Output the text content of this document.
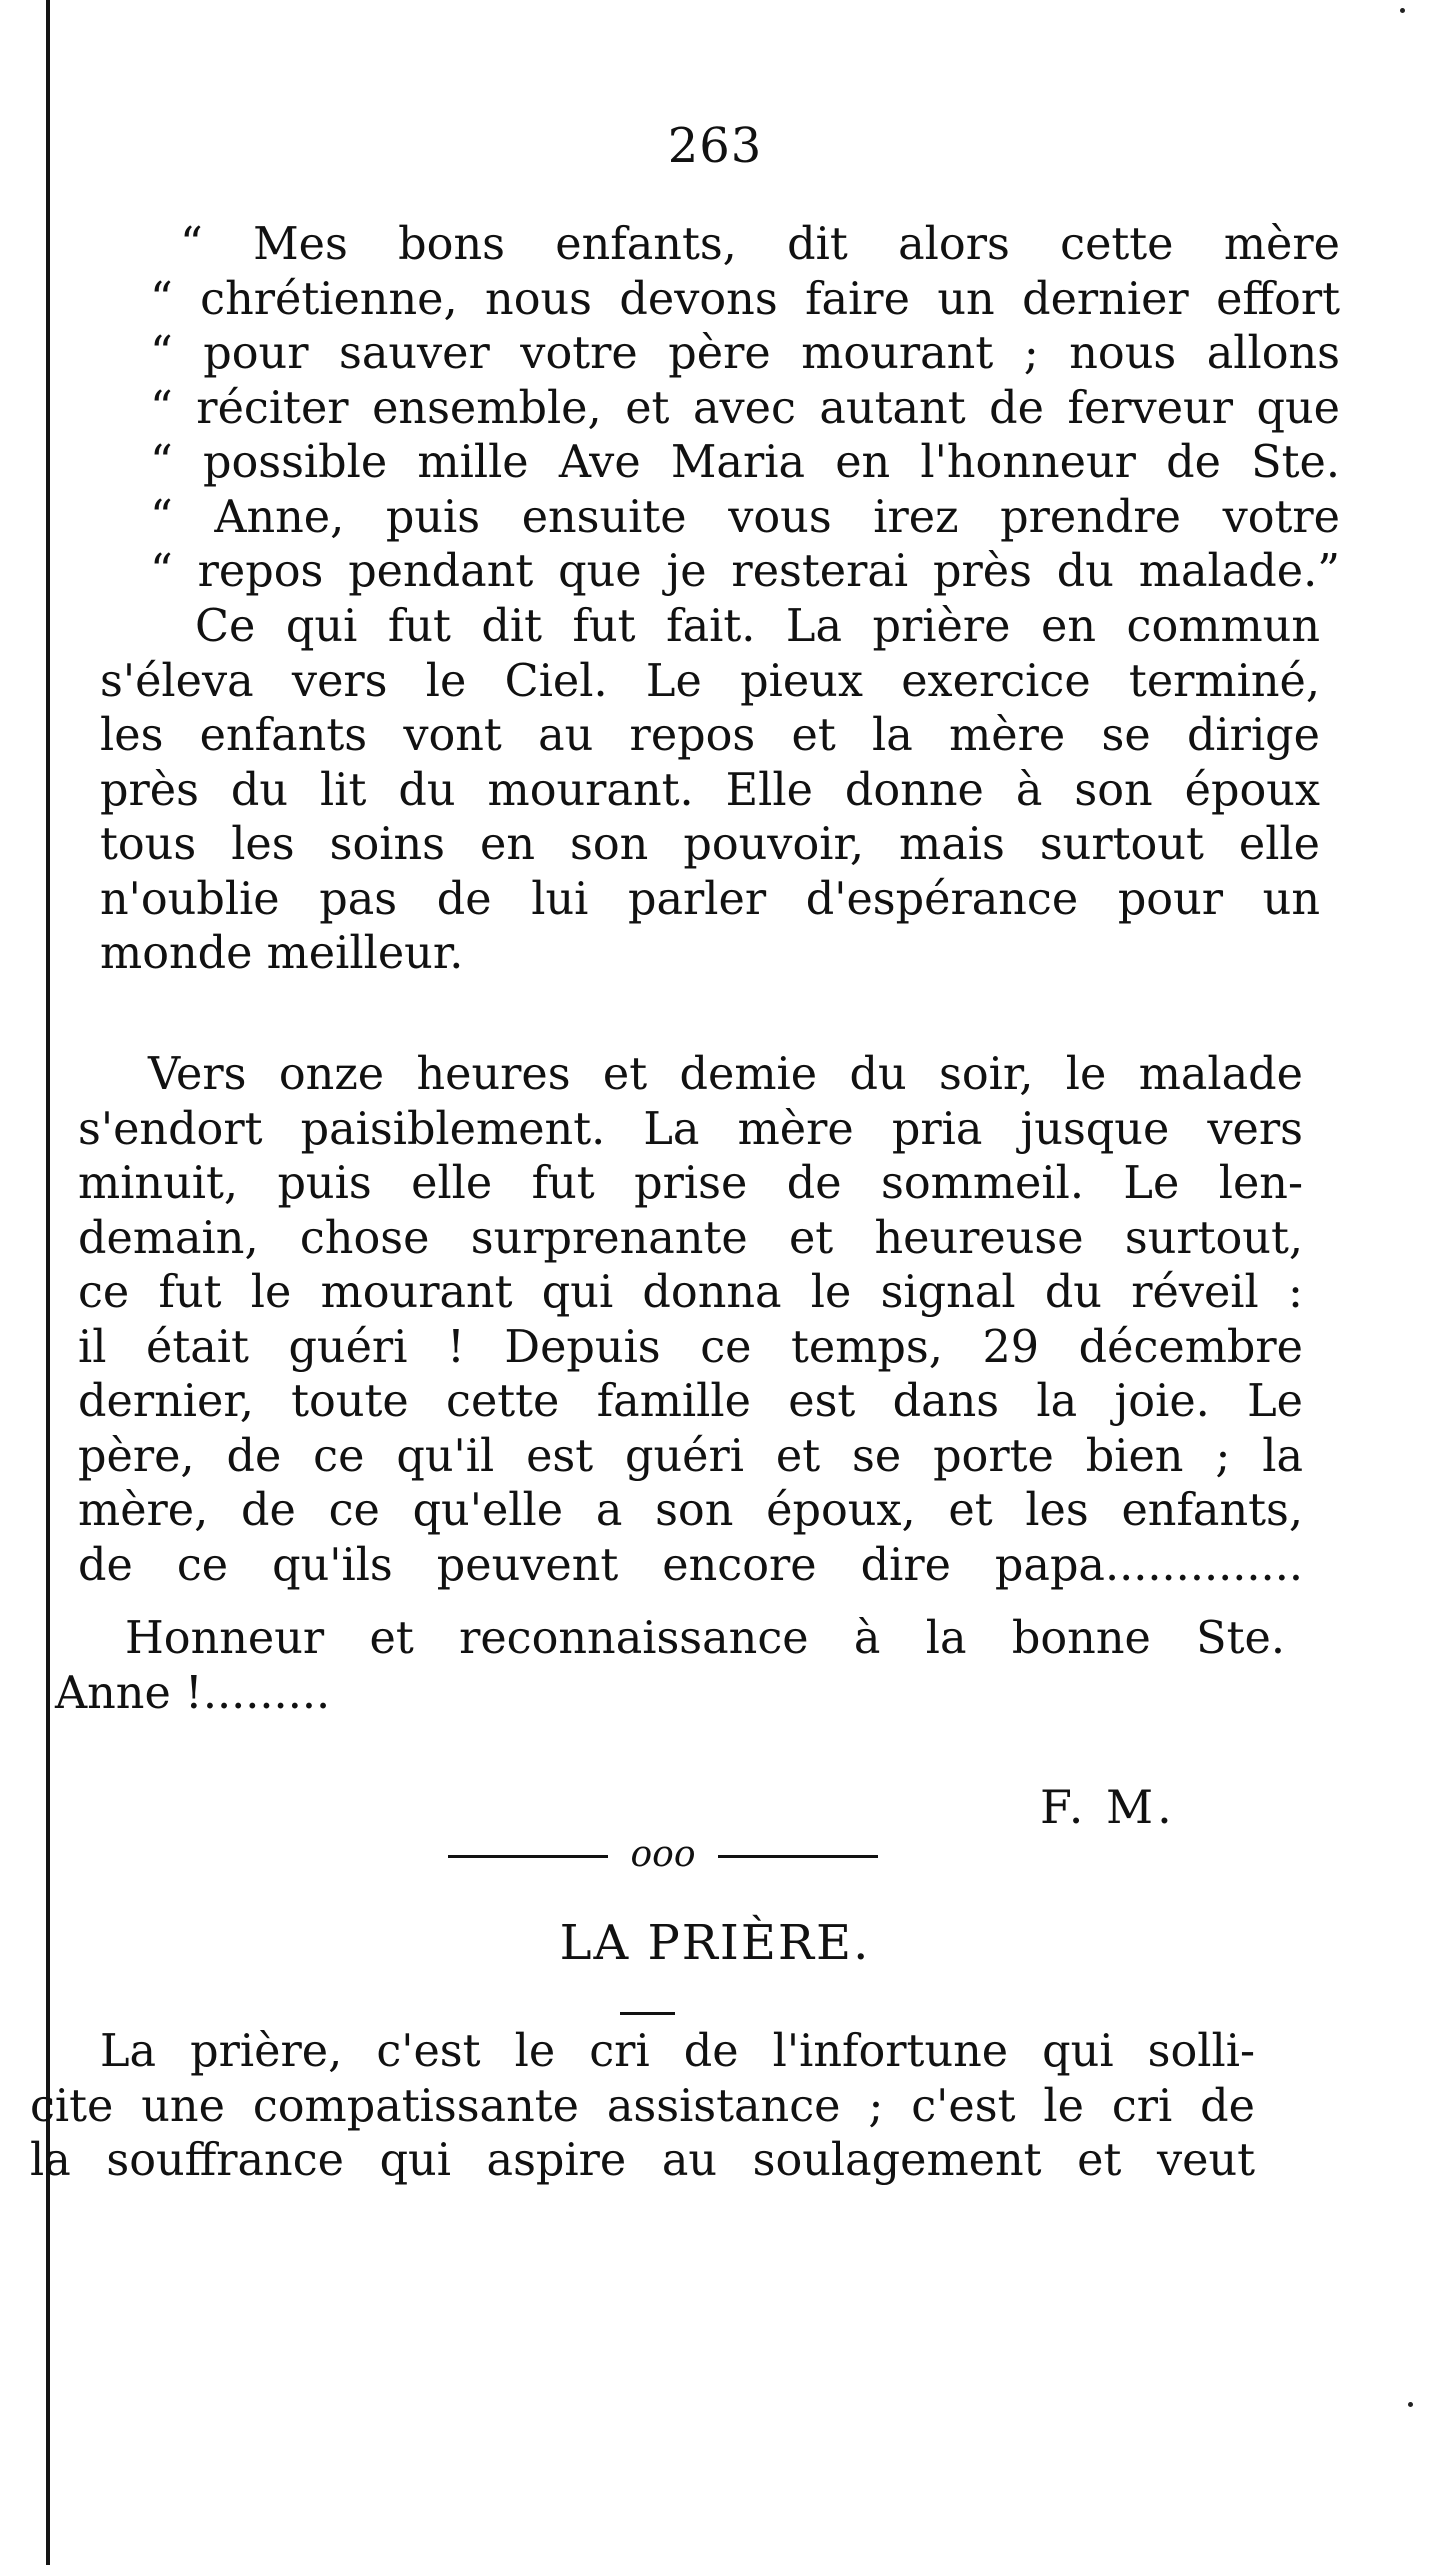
263
“ Mes bons enfants, dit alors cette mère
“ chrétienne, nous devons faire un dernier effort
“ pour sauver votre père mourant ; nous allons
“ réciter ensemble, et avec autant de ferveur que
“ possible mille Ave Maria en l'honneur de Ste.
“ Anne, puis ensuite vous irez prendre votre
“ repos pendant que je resterai près du malade.”
Ce qui fut dit fut fait. La prière en commun
s'éleva vers le Ciel. Le pieux exercice terminé,
les enfants vont au repos et la mère se dirige
près du lit du mourant. Elle donne à son époux
tous les soins en son pouvoir, mais surtout elle
n'oublie pas de lui parler d'espérance pour un
monde meilleur.
Vers onze heures et demie du soir, le malade
s'endort paisiblement. La mère pria jusque vers
minuit, puis elle fut prise de sommeil. Le len-
demain, chose surprenante et heureuse surtout,
ce fut le mourant qui donna le signal du réveil :
il était guéri ! Depuis ce temps, 29 décembre
dernier, toute cette famille est dans la joie. Le
père, de ce qu'il est guéri et se porte bien ; la
mère, de ce qu'elle a son époux, et les enfants,
de ce qu'ils peuvent encore dire papa..............
Honneur et reconnaissance à la bonne Ste.
Anne !.........
F. M.
ooo
LA PRIÈRE.
La prière, c'est le cri de l'infortune qui solli-
cite une compatissante assistance ; c'est le cri de
la souffrance qui aspire au soulagement et veut
